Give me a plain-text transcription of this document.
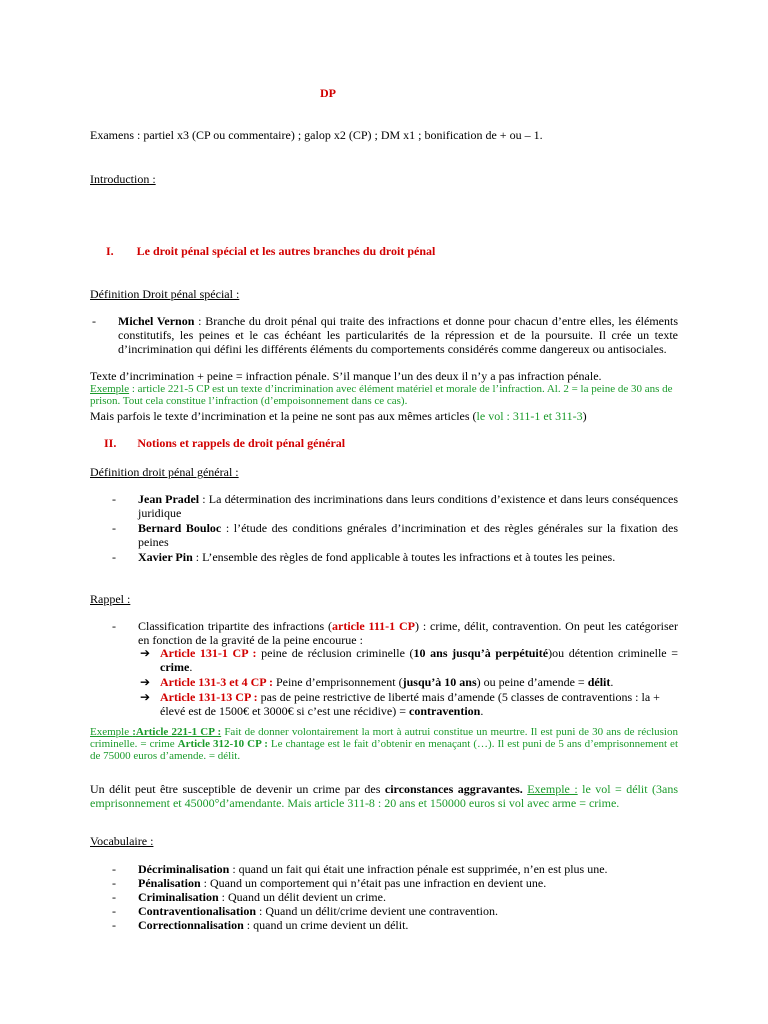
DP
Examens : partiel x3 (CP ou commentaire) ; galop x2 (CP) ; DM x1 ; bonification de + ou – 1.
Introduction :
I. Le droit pénal spécial et les autres branches du droit pénal
Définition Droit pénal spécial :
- Michel Vernon : Branche du droit pénal qui traite des infractions et donne pour chacun d’entre elles, les éléments constitutifs, les peines et le cas échéant les particularités de la répression et de la poursuite. Il crée un texte d’incrimination qui défini les différents éléments du comportements considérés comme dangereux ou antisociales.
Texte d’incrimination + peine = infraction pénale. S’il manque l’un des deux il n’y a pas infraction pénale.
Exemple : article 221-5 CP est un texte d’incrimination avec élément matériel et morale de l’infraction. Al. 2 = la peine de 30 ans de prison. Tout cela constitue l’infraction (d’empoisonnement dans ce cas).
Mais parfois le texte d’incrimination et la peine ne sont pas aux mêmes articles (le vol : 311-1 et 311-3)
II. Notions et rappels de droit pénal général
Définition droit pénal général :
- Jean Pradel : La détermination des incriminations dans leurs conditions d’existence et dans leurs conséquences juridique
- Bernard Bouloc : l’étude des conditions gnérales d’incrimination et des règles générales sur la fixation des peines
- Xavier Pin : L’ensemble des règles de fond applicable à toutes les infractions et à toutes les peines.
Rappel :
- Classification tripartite des infractions (article 111-1 CP) : crime, délit, contravention. On peut les catégoriser en fonction de la gravité de la peine encourue :
➔ Article 131-1 CP : peine de réclusion criminelle (10 ans jusqu’à perpétuité)ou détention criminelle = crime.
➔ Article 131-3 et 4 CP : Peine d’emprisonnement (jusqu’à 10 ans) ou peine d’amende = délit.
➔ Article 131-13 CP : pas de peine restrictive de liberté mais d’amende (5 classes de contraventions : la + élevé est de 1500€ et 3000€ si c’est une récidive) = contravention.
Exemple :Article 221-1 CP : Fait de donner volontairement la mort à autrui constitue un meurtre. Il est puni de 30 ans de réclusion criminelle. = crime Article 312-10 CP : Le chantage est le fait d’obtenir en menaçant (…). Il est puni de 5 ans d’emprisonnement et de 75000 euros d’amende. = délit.
Un délit peut être susceptible de devenir un crime par des circonstances aggravantes. Exemple : le vol = délit (3ans emprisonnement et 45000°d’amendante. Mais article 311-8 : 20 ans et 150000 euros si vol avec arme = crime.
Vocabulaire :
- Décriminalisation : quand un fait qui était une infraction pénale est supprimée, n’en est plus une.
- Pénalisation : Quand un comportement qui n’était pas une infraction en devient une.
- Criminalisation : Quand un délit devient un crime.
- Contraventionalisation : Quand un délit/crime devient une contravention.
- Correctionnalisation : quand un crime devient un délit.
